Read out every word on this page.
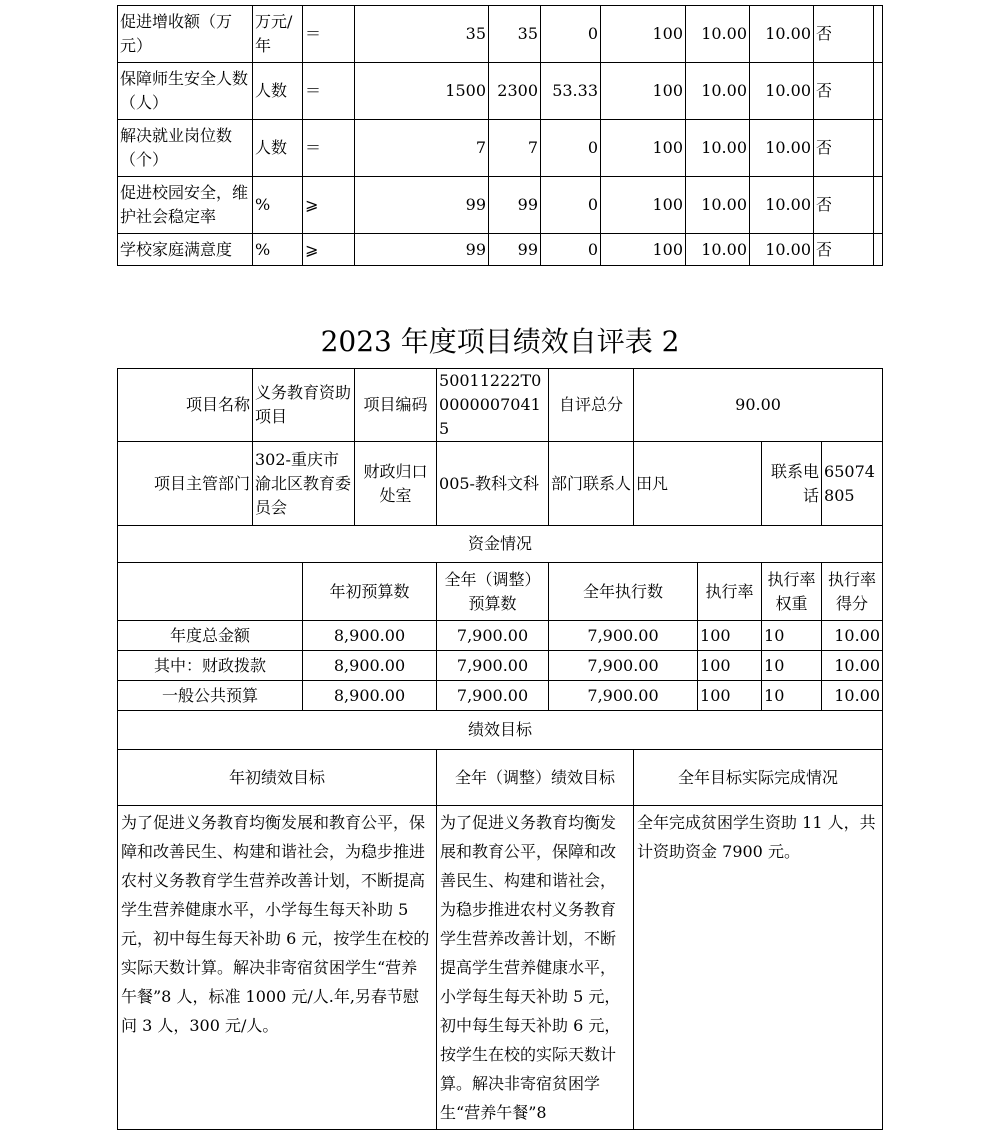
促进增收额（万元）	万元/年	＝	35	35	0	100	10.00	10.00	否	
保障师生安全人数（人）	人数	＝	1500	2300	53.33	100	10.00	10.00	否	
解决就业岗位数（个）	人数	＝	7	7	0	100	10.00	10.00	否	
促进校园安全，维护社会稳定率	%	⩾	99	99	0	100	10.00	10.00	否	
学校家庭满意度	%	⩾	99	99	0	100	10.00	10.00	否	
2023 年度项目绩效自评表 2
项目名称	义务教育资助项目		项目编码	50011222T000000070415	自评总分	90.00			
项目主管部门	302-重庆市渝北区教育委员会		财政归口处室	005-教科文科	部门联系人	田凡		联系电话	65074805
资金情况									
		年初预算数		全年（调整）预算数	全年执行数		执行率	执行率权重	执行率得分
年度总金额		8,900.00		7,900.00	7,900.00		100	10	10.00
其中：财政拨款		8,900.00		7,900.00	7,900.00		100	10	10.00
一般公共预算		8,900.00		7,900.00	7,900.00		100	10	10.00
绩效目标									
年初绩效目标				全年（调整）绩效目标		全年目标实际完成情况			
为了促进义务教育均衡发展和教育公平，保障和改善民生、构建和谐社会，为稳步推进农村义务教育学生营养改善计划，不断提高学生营养健康水平，小学每生每天补助 5 元，初中每生每天补助 6 元，按学生在校的实际天数计算。解决非寄宿贫困学生“营养午餐”8 人，标准 1000 元/人.年,另春节慰问 3 人，300 元/人。				为了促进义务教育均衡发展和教育公平，保障和改善民生、构建和谐社会， 为稳步推进农村义务教育学生营养改善计划，不断提高学生营养健康水平，小学每生每天补助 5 元，初中每生每天补助 6 元，按学生在校的实际天数计算。解决非寄宿贫困学生“营养午餐”8		全年完成贫困学生资助 11 人，共计资助资金 7900 元。			
